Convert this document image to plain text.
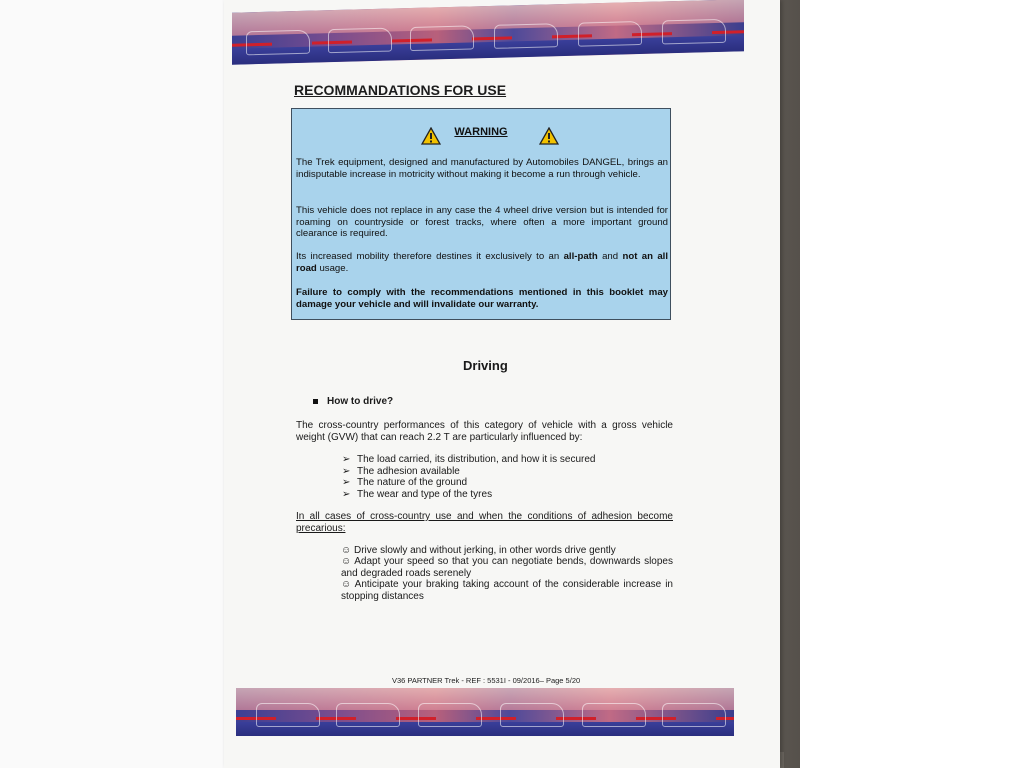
RECOMMANDATIONS FOR USE
WARNING

The Trek equipment, designed and manufactured by Automobiles DANGEL, brings an indisputable increase in motricity without making it become a run through vehicle.

This vehicle does not replace in any case the 4 wheel drive version but is intended for roaming on countryside or forest tracks, where often a more important ground clearance is required.

Its increased mobility therefore destines it exclusively to an all-path and not an all road usage.

Failure to comply with the recommendations mentioned in this booklet may damage your vehicle and will invalidate our warranty.

Driving
How to drive?

The cross-country performances of this category of vehicle with a gross vehicle weight (GVW) that can reach 2.2 T are particularly influenced by:

➢ The load carried, its distribution, and how it is secured
➢ The adhesion available
➢ The nature of the ground
➢ The wear and type of the tyres

In all cases of cross-country use and when the conditions of adhesion become precarious:

☺ Drive slowly and without jerking, in other words drive gently
☺ Adapt your speed so that you can negotiate bends, downwards slopes and degraded roads serenely
☺ Anticipate your braking taking account of the considerable increase in stopping distances
V36 PARTNER Trek - REF : 5531I - 09/2016– Page 5/20
